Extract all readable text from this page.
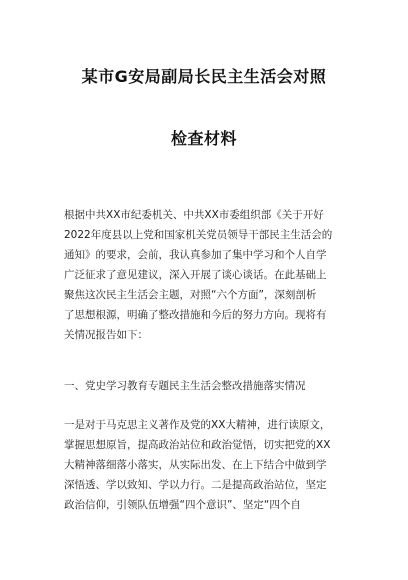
某市G安局副局长民主生活会对照
检查材料
根据中共XX市纪委机关、中共XX市委组织部《关于开好
2022年度县以上党和国家机关党员领导干部民主生活会的
通知》的要求，会前，我认真参加了集中学习和个人自学
广泛征求了意见建议，深入开展了谈心谈话。在此基础上
聚焦这次民主生活会主题，对照“六个方面”，深刻剖析
了思想根源，明确了整改措施和今后的努力方向。现将有
关情况报告如下：
一、党史学习教育专题民主生活会整改措施落实情况
一是对于马克思主义著作及党的XX大精神，进行读原文，
掌握思想原旨，提高政治站位和政治觉悟，切实把党的XX
大精神落细落小落实，从实际出发、在上下结合中做到学
深悟透、学以致知、学以力行。二是提高政治站位，坚定
政治信仰，引领队伍增强“四个意识”、坚定“四个自
